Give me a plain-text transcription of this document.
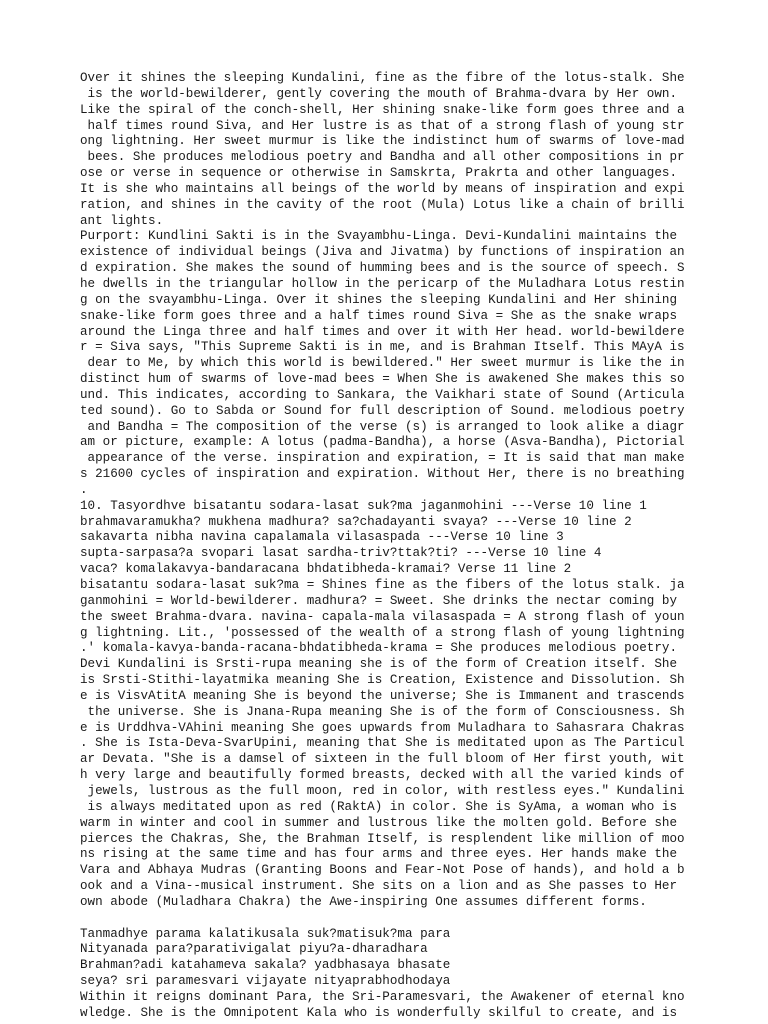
Over it shines the sleeping Kundalini, fine as the fibre of the lotus-stalk. She
is the world-bewilderer, gently covering the mouth of Brahma-dvara by Her own.
Like the spiral of the conch-shell, Her shining snake-like form goes three and a
half times round Siva, and Her lustre is as that of a strong flash of young str
ong lightning. Her sweet murmur is like the indistinct hum of swarms of love-mad
bees. She produces melodious poetry and Bandha and all other compositions in pr
ose or verse in sequence or otherwise in Samskrta, Prakrta and other languages.
It is she who maintains all beings of the world by means of inspiration and expi
ration, and shines in the cavity of the root (Mula) Lotus like a chain of brilli
ant lights.
Purport: Kundlini Sakti is in the Svayambhu-Linga. Devi-Kundalini maintains the
existence of individual beings (Jiva and Jivatma) by functions of inspiration an
d expiration. She makes the sound of humming bees and is the source of speech. S
he dwells in the triangular hollow in the pericarp of the Muladhara Lotus restin
g on the svayambhu-Linga. Over it shines the sleeping Kundalini and Her shining
snake-like form goes three and a half times round Siva = She as the snake wraps
around the Linga three and half times and over it with Her head. world-bewildere
r = Siva says, "This Supreme Sakti is in me, and is Brahman Itself. This MAyA is
dear to Me, by which this world is bewildered." Her sweet murmur is like the in
distinct hum of swarms of love-mad bees = When She is awakened She makes this so
und. This indicates, according to Sankara, the Vaikhari state of Sound (Articula
ted sound). Go to Sabda or Sound for full description of Sound. melodious poetry
and Bandha = The composition of the verse (s) is arranged to look alike a diagr
am or picture, example: A lotus (padma-Bandha), a horse (Asva-Bandha), Pictorial
appearance of the verse. inspiration and expiration, = It is said that man make
s 21600 cycles of inspiration and expiration. Without Her, there is no breathing
.
10. Tasyordhve bisatantu sodara-lasat suk?ma jaganmohini ---Verse 10 line 1
brahmavaramukha? mukhena madhura? sa?chadayanti svaya? ---Verse 10 line 2
sakavarta nibha navina capalamala vilasaspada ---Verse 10 line 3
supta-sarpasa?a svopari lasat sardha-triv?ttak?ti? ---Verse 10 line 4
vaca? komalakavya-bandaracana bhdatibheda-kramai? Verse 11 line 2
bisatantu sodara-lasat suk?ma = Shines fine as the fibers of the lotus stalk. ja
ganmohini = World-bewilderer. madhura? = Sweet. She drinks the nectar coming by
the sweet Brahma-dvara. navina- capala-mala vilasaspada = A strong flash of youn
g lightning. Lit., 'possessed of the wealth of a strong flash of young lightning
.' komala-kavya-banda-racana-bhdatibheda-krama = She produces melodious poetry.
Devi Kundalini is Srsti-rupa meaning she is of the form of Creation itself. She
is Srsti-Stithi-layatmika meaning She is Creation, Existence and Dissolution. Sh
e is VisvAtitA meaning She is beyond the universe; She is Immanent and trascends
the universe. She is Jnana-Rupa meaning She is of the form of Consciousness. Sh
e is Urddhva-VAhini meaning She goes upwards from Muladhara to Sahasrara Chakras
. She is Ista-Deva-SvarUpini, meaning that She is meditated upon as The Particul
ar Devata. "She is a damsel of sixteen in the full bloom of Her first youth, wit
h very large and beautifully formed breasts, decked with all the varied kinds of
jewels, lustrous as the full moon, red in color, with restless eyes." Kundalini
is always meditated upon as red (RaktA) in color. She is SyAma, a woman who is
warm in winter and cool in summer and lustrous like the molten gold. Before she
pierces the Chakras, She, the Brahman Itself, is resplendent like million of moo
ns rising at the same time and has four arms and three eyes. Her hands make the
Vara and Abhaya Mudras (Granting Boons and Fear-Not Pose of hands), and hold a b
ook and a Vina--musical instrument. She sits on a lion and as She passes to Her
own abode (Muladhara Chakra) the Awe-inspiring One assumes different forms.
Tanmadhye parama kalatikusala suk?matisuk?ma para
Nityanada para?parativigalat piyu?a-dharadhara
Brahman?adi katahameva sakala? yadbhasaya bhasate
seya? sri paramesvari vijayate nityaprabhodhodaya
Within it reigns dominant Para, the Sri-Paramesvari, the Awakener of eternal kno
wledge. She is the Omnipotent Kala who is wonderfully skilful to create, and is
